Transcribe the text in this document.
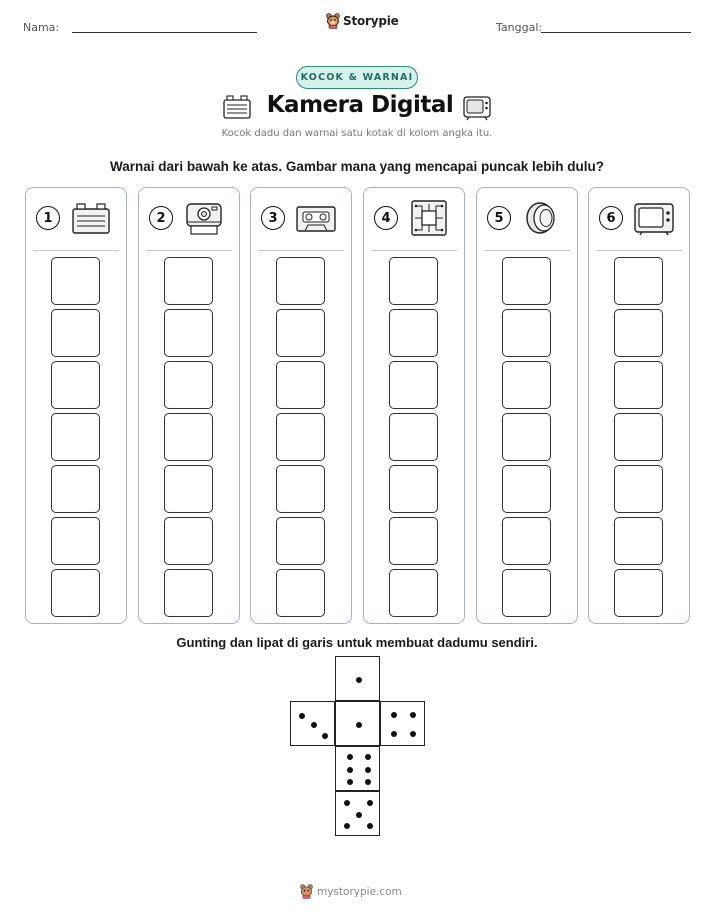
Nama:	Storypie	Tanggal:
KOCOK & WARNAI
Kamera Digital
Kocok dadu dan warnai satu kotak di kolom angka itu.
Warnai dari bawah ke atas. Gambar mana yang mencapai puncak lebih dulu?
1	2	3	4	5	6
Gunting dan lipat di garis untuk membuat dadumu sendiri.
mystorypie.com
